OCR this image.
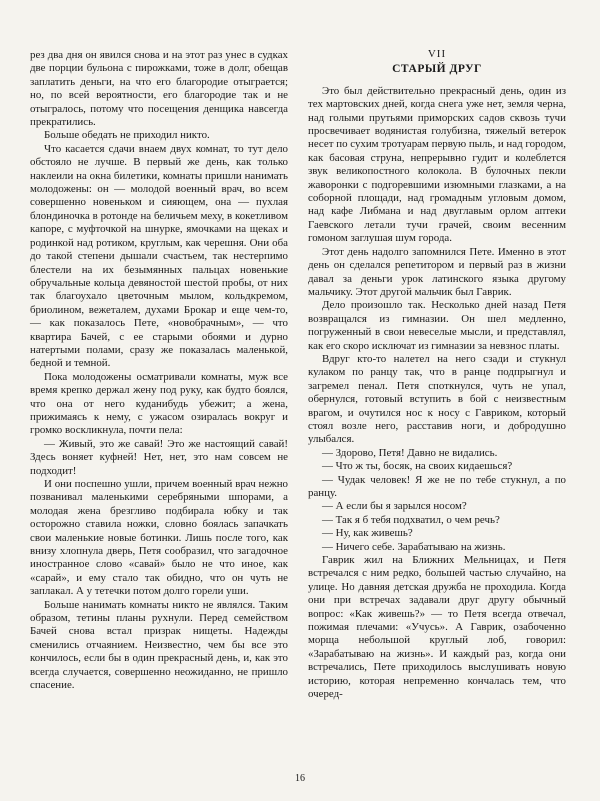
рез два дня он явился снова и на этот раз унес в судках две порции бульона с пирожками, тоже в долг, обещав заплатить деньги, на что его благородие отыграется; но, по всей вероятности, его благородие так и не отыгралось, потому что посещения денщика навсегда прекратились.

Больше обедать не приходил никто.

Что касается сдачи внаем двух комнат, то тут дело обстояло не лучше. В первый же день, как только наклеили на окна билетики, комнаты пришли нанимать молодожены: он — молодой военный врач, во всем совершенно новеньком и сияющем, она — пухлая блондиночка в ротонде на беличьем меху, в кокетливом капоре, с муфточкой на шнурке, ямочками на щеках и родинкой над ротиком, круглым, как черешня. Они оба до такой степени дышали счастьем, так нестерпимо блестели на их безымянных пальцах новенькие обручальные кольца девяностой шестой пробы, от них так благоухало цветочным мылом, кольдкремом, бриолином, вежеталем, духами Брокар и еще чем-то, — как показалось Пете, «новобрачным», — что квартира Бачей, с ее старыми обоями и дурно натертыми полами, сразу же показалась маленькой, бедной и темной.

Пока молодожены осматривали комнаты, муж все время крепко держал жену под руку, как будто боялся, что она от него куданибудь убежит; а жена, прижимаясь к нему, с ужасом озиралась вокруг и громко воскликнула, почти пела:

— Живый, это же савай! Это же настоящий савай! Здесь воняет куфней! Нет, нет, это нам совсем не подходит!

И они поспешно ушли, причем военный врач нежно позванивал маленькими серебряными шпорами, а молодая жена брезгливо подбирала юбку и так осторожно ставила ножки, словно боялась запачкать свои маленькие новые ботинки. Лишь после того, как внизу хлопнула дверь, Петя сообразил, что загадочное иностранное слово «савай» было не что иное, как «сарай», и ему стало так обидно, что он чуть не заплакал. А у тетечки потом долго горели уши.

Больше нанимать комнаты никто не являлся. Таким образом, тетины планы рухнули. Перед семейством Бачей снова встал призрак нищеты. Надежды сменились отчаянием. Неизвестно, чем бы все это кончилось, если бы в один прекрасный день, и, как это всегда случается, совершенно неожиданно, не пришло спасение.

VII
СТАРЫЙ ДРУГ

Это был действительно прекрасный день, один из тех мартовских дней, когда снега уже нет, земля черна, над голыми прутьями приморских садов сквозь тучи просвечивает водянистая голубизна, тяжелый ветерок несет по сухим тротуарам первую пыль, и над городом, как басовая струна, непрерывно гудит и колеблется звук великопостного колокола. В булочных пекли жаворонки с подгоревшими изюмными глазками, а на соборной площади, над громадным угловым домом, над кафе Либмана и над двуглавым орлом аптеки Гаевского летали тучи грачей, своим весенним гомоном заглушая шум города.

Этот день надолго запомнился Пете. Именно в этот день он сделался репетитором и первый раз в жизни давал за деньги урок латинского языка другому мальчику. Этот другой мальчик был Гаврик.

Дело произошло так. Несколько дней назад Петя возвращался из гимназии. Он шел медленно, погруженный в свои невеселые мысли, и представлял, как его скоро исключат из гимназии за невзнос платы.

Вдруг кто-то налетел на него сзади и стукнул кулаком по ранцу так, что в ранце подпрыгнул и загремел пенал. Петя споткнулся, чуть не упал, обернулся, готовый вступить в бой с неизвестным врагом, и очутился нос к носу с Гавриком, который стоял возле него, расставив ноги, и добродушно улыбался.

— Здорово, Петя! Давно не видались.

— Что ж ты, босяк, на своих кидаешься?

— Чудак человек! Я же не по тебе стукнул, а по ранцу.

— А если бы я зарылся носом?

— Так я б тебя подхватил, о чем речь?

— Ну, как живешь?

— Ничего себе. Зарабатываю на жизнь.

Гаврик жил на Ближних Мельницах, и Петя встречался с ним редко, большей частью случайно, на улице. Но давняя детская дружба не проходила. Когда они при встречах задавали друг другу обычный вопрос: «Как живешь?» — то Петя всегда отвечал, пожимая плечами: «Учусь». А Гаврик, озабоченно морща небольшой круглый лоб, говорил: «Зарабатываю на жизнь». И каждый раз, когда они встречались, Пете приходилось выслушивать новую историю, которая непременно кончалась тем, что очеред-

16
